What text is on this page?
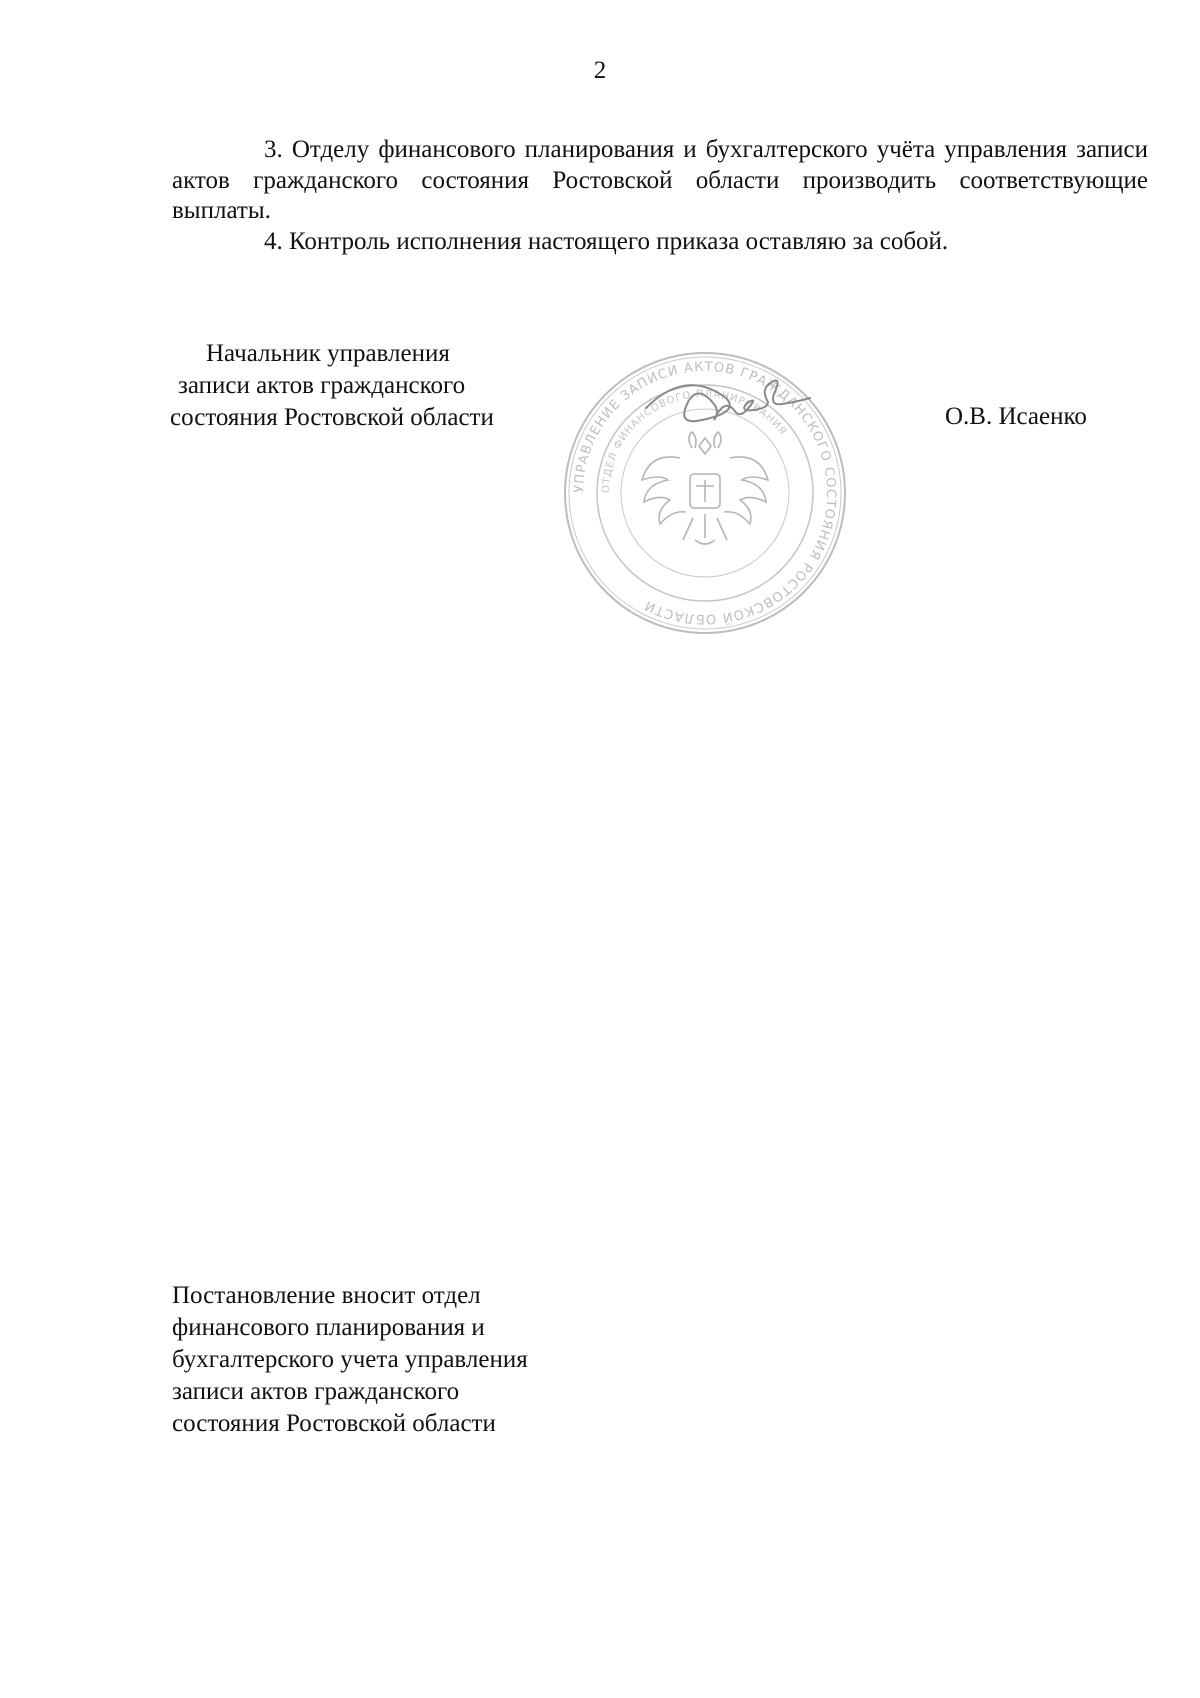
2

3. Отделу финансового планирования и бухгалтерского учёта управления записи актов гражданского состояния Ростовской области производить соответствующие выплаты.

4. Контроль исполнения настоящего приказа оставляю за собой.

Начальник управления
записи актов гражданского
состояния Ростовской области
УПРАВЛЕНИЕ ЗАПИСИ АКТОВ ГРАЖДАНСКОГО СОСТОЯНИЯ РОСТОВСКОЙ ОБЛАСТИ
ОТДЕЛ ФИНАНСОВОГО ПЛАНИРОВАНИЯ
О.В. Исаенко
Постановление вносит отдел
финансового планирования и
бухгалтерского учета управления
записи актов гражданского
состояния Ростовской области
